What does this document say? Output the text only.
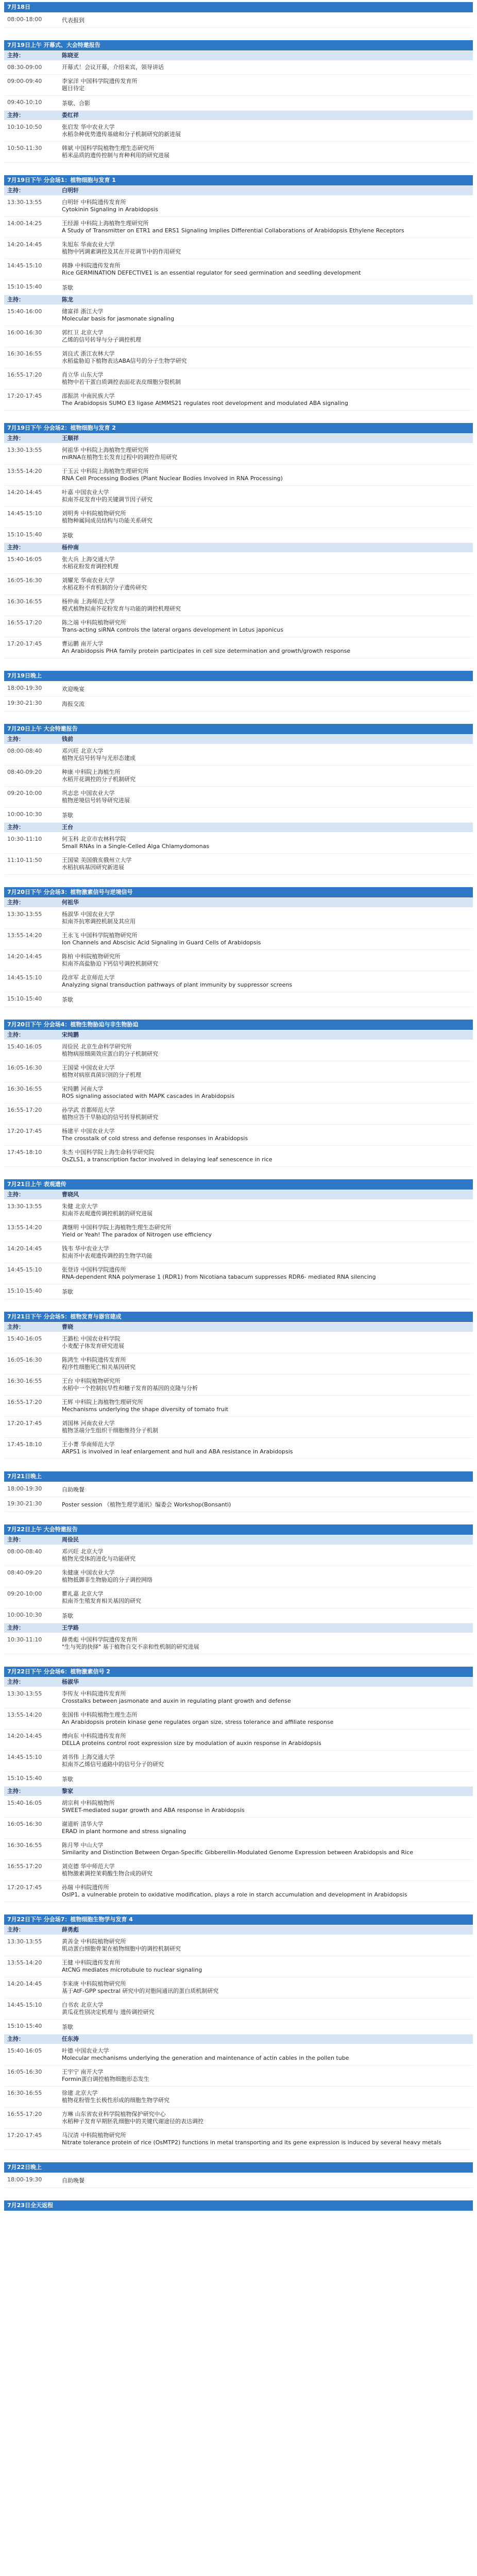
7月18日
08:00-18:00	代表报到
7月19日上午 开幕式、大会特邀报告
主持：	陈晓亚
08:30-09:00	开幕式！会议开幕，介绍来宾，领导讲话
09:00-09:40	李家洋 中国科学院遗传发育所
题目待定
09:40-10:10	茶歇、合影
主持：	娄红祥
10:10-10:50	张启发 华中农业大学
水稻杂种优势遗传基础和分子机制研究的新进展
10:50-11:30	韩斌 中国科学院植物生理生态研究所
稻米品质的遗传控制与育种利用的研究进展
7月19日下午 分会场1：植物细胞与发育 1
主持：	白明轩
13:30-13:55	白明轩 中科院遗传发育所
Cytokinin Signaling in Arabidopsis
14:00-14:25	王经源 中科院上海植物生理研究所
A Study of Transmitter on ETR1 and ERS1 Signaling Implies Differential Collaborations of Arabidopsis Ethylene Receptors
14:20-14:45	朱旭东 华南农业大学
植物中钙调素调控及其在开花调节中的作用研究
14:45-15:10	韩静 中科院遗传发育所
Rice GERMINATION DEFECTIVE1 is an essential regulator for seed germination and seedling development
15:10-15:40	茶歇
主持：	陈龙
15:40-16:00	储富祥 浙江大学
Molecular basis for jasmonate signaling
16:00-16:30	郭红卫 北京大学
乙烯的信号转导与分子调控机理
16:30-16:55	刘良式 浙江农林大学
水稻盐胁迫下植物表达ABA信号的分子生物学研究
16:55-17:20	肖立华 山东大学
植物中若干蛋白质调控表面花表皮细胞分裂机制
17:20-17:45	邵振洪 中南民族大学
The Arabidopsis SUMO E3 ligase AtMMS21 regulates root development and modulated ABA signaling
7月19日下午 分会场2：植物细胞与发育 2
主持：	王顺祥
13:30-13:55	何祖华 中科院上海植物生理研究所
miRNA在植物生长发育过程中的调控作用研究
13:55-14:20	于玉云 中科院上海植物生理研究所
RNA Cell Processing Bodies (Plant Nuclear Bodies Involved in RNA Processing)
14:20-14:45	叶嘉 中国农业大学
拟南芥花发育中的关键调节因子研究
14:45-15:10	刘明秀 中科院植物研究所
植物种属间成员结构与功能关系研究
15:10-15:40	茶歇
主持：	杨仲南
15:40-16:05	张大兵 上海交通大学
水稻花粉发育调控机理
16:05-16:30	刘耀光 华南农业大学
水稻花粉不育机制的分子遗传研究
16:30-16:55	杨仲南 上海师范大学
模式植物拟南芥花粉发育与功能的调控机理研究
16:55-17:20	陈之端 中科院植物研究所
Trans-acting siRNA controls the lateral organs development in Lotus japonicus
17:20-17:45	曹运鹏 南开大学
An Arabidopsis PHA family protein participates in cell size determination and growth/growth response
7月19日晚上
18:00-19:30	欢迎晚宴
19:30-21:30	海报交流
7月20日上午 大会特邀报告
主持：	钱前
08:00-08:40	邓兴旺 北京大学
植物光信号转导与光形态建成
08:40-09:20	种康 中科院上海植生所
水稻开花调控的分子机制研究
09:20-10:00	巩志忠 中国农业大学
植物逆境信号转导研究进展
10:00-10:30	茶歇
主持：	王台
10:30-11:10	何玉科 北京市农林科学院
Small RNAs in a Single-Celled Alga Chlamydomonas
11:10-11:50	王国梁 美国俄亥俄州立大学
水稻抗病基因研究新进展
7月20日下午 分会场3：植物激素信号与逆境信号
主持：	何祖华
13:30-13:55	杨淑华 中国农业大学
拟南芥抗寒调控机制及其应用
13:55-14:20	王永飞 中国科学院植物研究所
Ion Channels and Abscisic Acid Signaling in Guard Cells of Arabidopsis
14:20-14:45	陈柏 中科院植物研究所
拟南芥高盐胁迫下钙信号调控机制研究
14:45-15:10	段彦军 北京师范大学
Analyzing signal transduction pathways of plant immunity by suppressor screens
15:10-15:40	茶歇
7月20日下午 分会场4：植物生物胁迫与非生物胁迫
主持：	宋纯鹏
15:40-16:05	周俭民 北京生命科学研究所
植物病原细菌效应蛋白的分子机制研究
16:05-16:30	王国梁 中国农业大学
植物对病原真菌识别的分子机理
16:30-16:55	宋纯鹏 河南大学
ROS signaling associated with MAPK cascades in Arabidopsis
16:55-17:20	孙学武 首都师范大学
植物应答干旱胁迫的信号转导机制研究
17:20-17:45	杨建平 中国农业大学
The crosstalk of cold stress and defense responses in Arabidopsis
17:45-18:10	朱杰 中国科学院上海生命科学研究院
OsZLS1, a transcription factor involved in delaying leaf senescence in rice
7月21日上午 表观遗传
主持：	曹晓风
13:30-13:55	朱健 北京大学
拟南芥表观遗传调控机制的研究进展
13:55-14:20	龚继明 中国科学院上海植物生理生态研究所
Yield or Yeah! The paradox of Nitrogen use efficiency
14:20-14:45	钱韦 华中农业大学
拟南芥中表观遗传调控的生物学功能
14:45-15:10	张登诗 中国科学院遗传所
RNA-dependent RNA polymerase 1 (RDR1) from Nicotiana tabacum suppresses RDR6- mediated RNA silencing
15:10-15:40	茶歇
7月21日下午 分会场5：植物发育与器官建成
主持：	曹晓
15:40-16:05	王潞松 中国农业科学院
小麦配子体发育研究进展
16:05-16:30	陈鸿生 中科院遗传发育所
程序性细胞死亡相关基因研究
16:30-16:55	王台 中科院植物研究所
水稻中一个控制抗旱性和穗子发育的基因的克隆与分析
16:55-17:20	王辉 中科院上海植物生理研究所
Mechanisms underlying the shape diversity of tomato fruit
17:20-17:45	刘国林 河南农业大学
植物茎端分生组织干细胞维持分子机制
17:45-18:10	王小菁 华南师范大学
ARPS1 is involved in leaf enlargement and hull and ABA resistance in Arabidopsis
7月21日晚上
18:00-19:30	自助晚餐
19:30-21:30	Poster session 《植物生理学通讯》编委会 Workshop(Bonsanti)
7月22日上午 大会特邀报告
主持：	周俭民
08:00-08:40	邓兴旺 北京大学
植物光受体的进化与功能研究
08:40-09:20	朱健康 中国农业大学
植物抵御非生物胁迫的分子调控网络
09:20-10:00	瞿礼嘉 北京大学
拟南芥生殖发育相关基因的研究
10:00-10:30	茶歇
主持：	王学路
10:30-11:10	薛勇彪 中国科学院遗传发育所
"生与死的抉择" 基于植物自交不亲和性机制的研究进展
7月22日下午 分会场6：植物激素信号 2
主持：	杨淑华
13:30-13:55	李传友 中科院遗传发育所
Crosstalks between jasmonate and auxin in regulating plant growth and defense
13:55-14:20	张国伟 中科院植物生理生态所
An Arabidopsis protein kinase gene regulates organ size, stress tolerance and affiliate response
14:20-14:45	傅向东 中科院遗传发育所
DELLA proteins control root expression size by modulation of auxin response in Arabidopsis
14:45-15:10	刘书伟 上海交通大学
拟南芥乙烯信号通路中的信号分子的研究
15:10-15:40	茶歇
主持：	黎家
15:40-16:05	胡宗利 中科院植物所
SWEET-mediated sugar growth and ABA response in Arabidopsis
16:05-16:30	谢道昕 清华大学
ERAD in plant hormone and stress signaling
16:30-16:55	陈月琴 中山大学
Similarity and Distinction Between Organ-Specific Gibberellin-Modulated Genome Expression between Arabidopsis and Rice
16:55-17:20	刘克德 华中师范大学
植物激素调控茉莉酸生物合成的研究
17:20-17:45	孙瑞 中科院遗传所
OsIP1, a vulnerable protein to oxidative modification, plays a role in starch accumulation and development in Arabidopsis
7月22日下午 分会场7：植物细胞生物学与发育 4
主持：	薛勇彪
13:30-13:55	黄善金 中科院植物研究所
肌动蛋白细胞骨架在植物细胞中的调控机制研究
13:55-14:20	王健 中科院遗传发育所
AtCNG mediates microtubule to nuclear signaling
14:20-14:45	李来庚 中科院植物研究所
基于AtF-GPP spectral 研究中的对胞间通讯的蛋白质机制研究
14:45-15:10	白书农 北京大学
黄瓜花性别决定机理与 遗传调控研究
15:10-15:40	茶歇
主持：	任东涛
15:40-16:05	叶德 中国农业大学
Molecular mechanisms underlying the generation and maintenance of actin cables in the pollen tube
16:05-16:30	王宇宁 南开大学
Formin蛋白调控植物细胞形态发生
16:30-16:55	徐建 北京大学
植物花粉管生长极性形成的细胞生物学研究
16:55-17:20	方琳 山东省农业科学院植物保护研究中心
水稻种子发育早期胚乳细胞中的关键代谢途径的表达调控
17:20-17:45	马汉清 中科院植物研究所
Nitrate tolerance protein of rice (OsMTP2) functions in metal transporting and its gene expression is induced by several heavy metals
7月22日晚上
18:00-19:30	自助晚餐
7月23日全天返程
